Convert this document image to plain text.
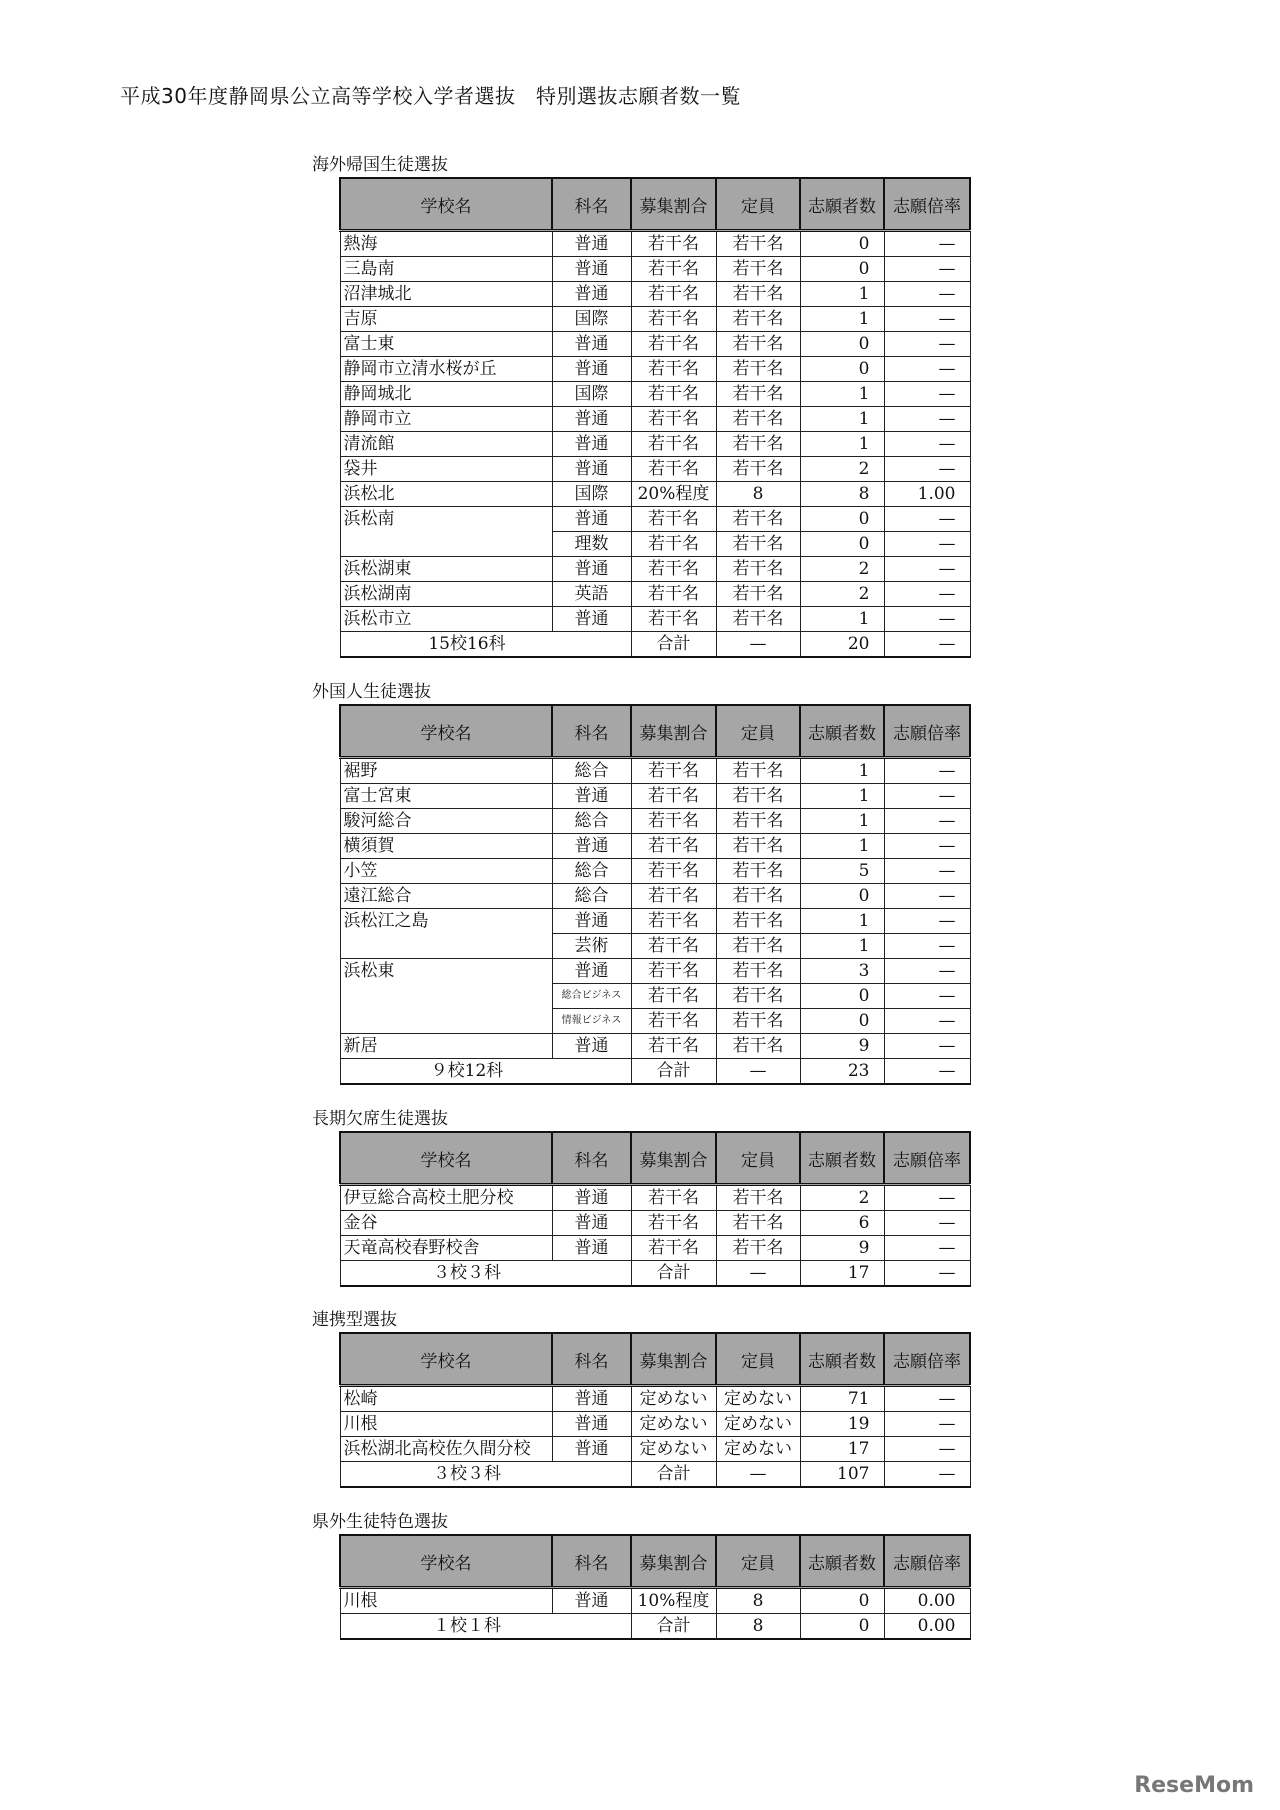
平成30年度静岡県公立高等学校入学者選抜　特別選抜志願者数一覧
海外帰国生徒選抜
学校名	科名	募集割合	定員	志願者数	志願倍率
熱海	普通	若干名	若干名	0	—
三島南	普通	若干名	若干名	0	—
沼津城北	普通	若干名	若干名	1	—
吉原	国際	若干名	若干名	1	—
富士東	普通	若干名	若干名	0	—
静岡市立清水桜が丘	普通	若干名	若干名	0	—
静岡城北	国際	若干名	若干名	1	—
静岡市立	普通	若干名	若干名	1	—
清流館	普通	若干名	若干名	1	—
袋井	普通	若干名	若干名	2	—
浜松北	国際	20%程度	8	8	1.00
浜松南	普通	若干名	若干名	0	—
	理数	若干名	若干名	0	—
浜松湖東	普通	若干名	若干名	2	—
浜松湖南	英語	若干名	若干名	2	—
浜松市立	普通	若干名	若干名	1	—
15校16科		合計	—	20	—
外国人生徒選抜
学校名	科名	募集割合	定員	志願者数	志願倍率
裾野	総合	若干名	若干名	1	—
富士宮東	普通	若干名	若干名	1	—
駿河総合	総合	若干名	若干名	1	—
横須賀	普通	若干名	若干名	1	—
小笠	総合	若干名	若干名	5	—
遠江総合	総合	若干名	若干名	0	—
浜松江之島	普通	若干名	若干名	1	—
	芸術	若干名	若干名	1	—
浜松東	普通	若干名	若干名	3	—
	総合ビジネス	若干名	若干名	0	—
	情報ビジネス	若干名	若干名	0	—
新居	普通	若干名	若干名	9	—
９校12科		合計	—	23	—
長期欠席生徒選抜
学校名	科名	募集割合	定員	志願者数	志願倍率
伊豆総合高校土肥分校	普通	若干名	若干名	2	—
金谷	普通	若干名	若干名	6	—
天竜高校春野校舎	普通	若干名	若干名	9	—
３校３科		合計	—	17	—
連携型選抜
学校名	科名	募集割合	定員	志願者数	志願倍率
松崎	普通	定めない	定めない	71	—
川根	普通	定めない	定めない	19	—
浜松湖北高校佐久間分校	普通	定めない	定めない	17	—
３校３科		合計	—	107	—
県外生徒特色選抜
学校名	科名	募集割合	定員	志願者数	志願倍率
川根	普通	10%程度	8	0	0.00
１校１科		合計	8	0	0.00
ReseMom
